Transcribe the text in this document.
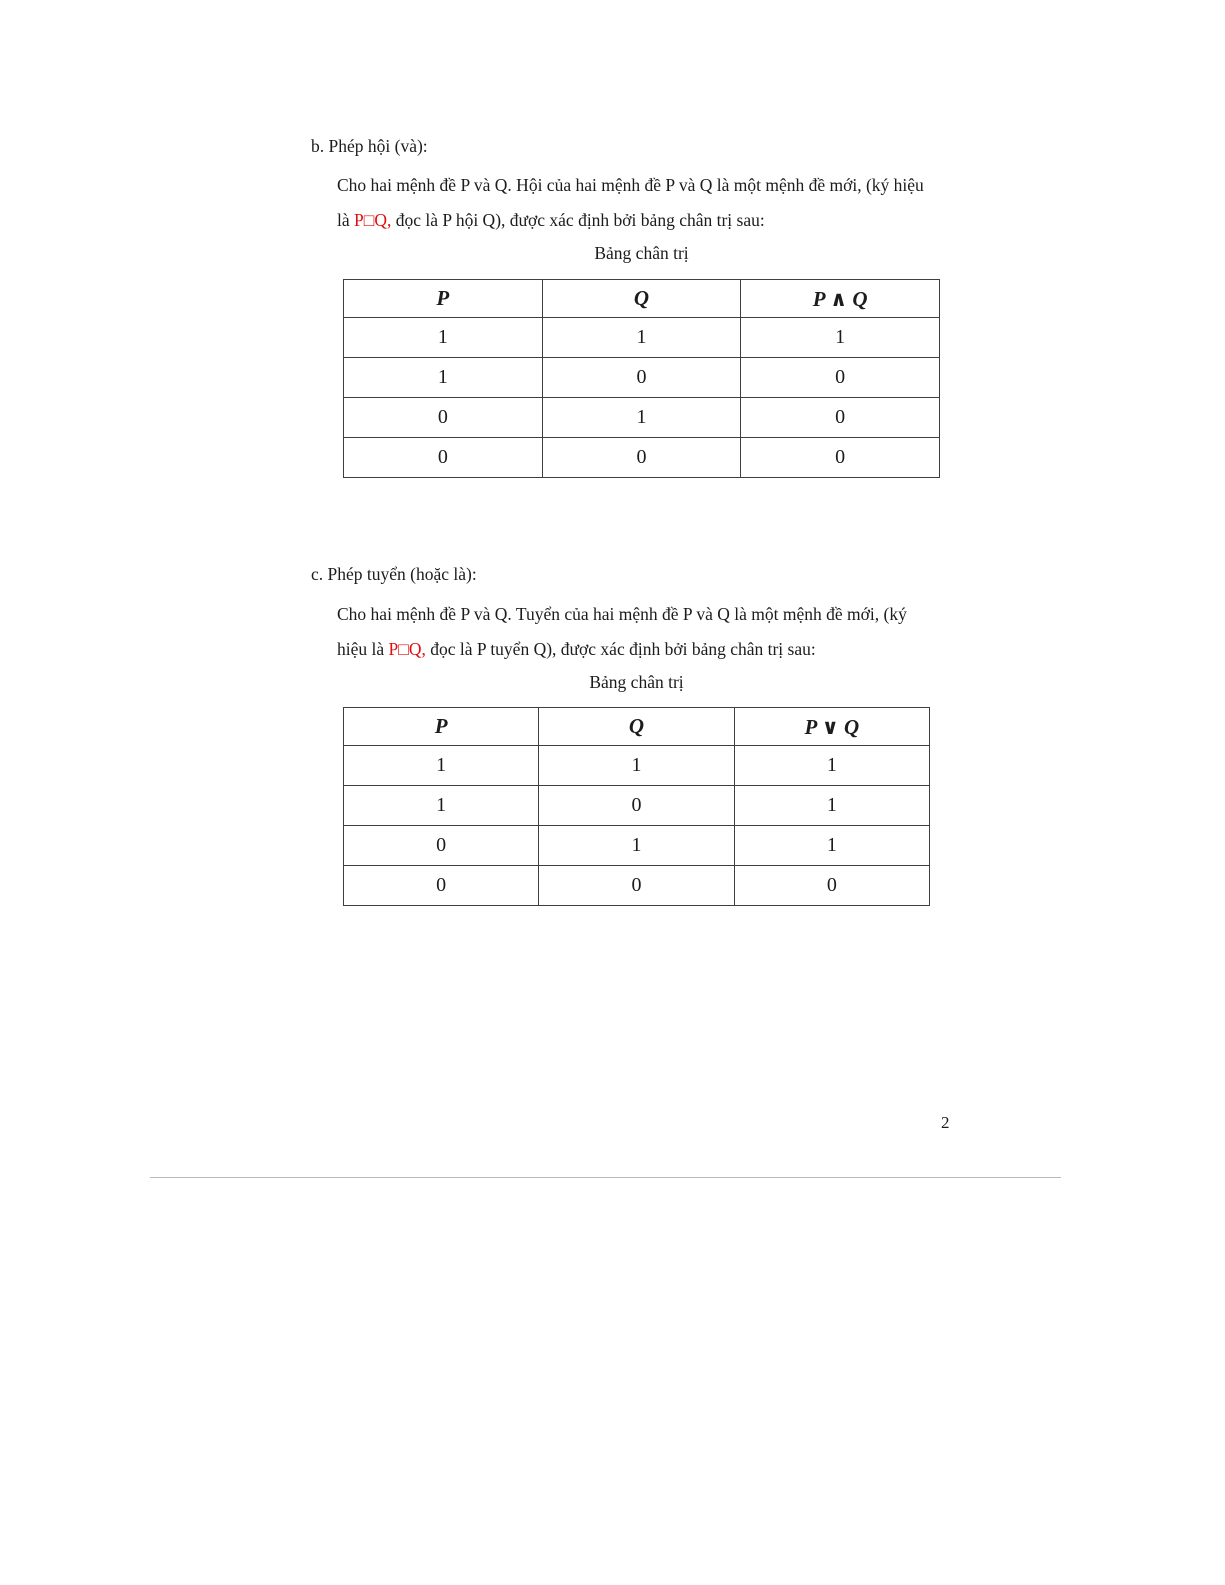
b. Phép hội (và):
Cho hai mệnh đề P và Q. Hội của hai mệnh đề P và Q là một mệnh đề mới, (ký hiệu
là P□Q, đọc là P hội Q), được xác định bởi bảng chân trị sau:
Bảng chân trị
P	Q	P ∧ Q
1	1	1
1	0	0
0	1	0
0	0	0
c. Phép tuyển (hoặc là):
Cho hai mệnh đề P và Q. Tuyển của hai mệnh đề P và Q là một mệnh đề mới, (ký
hiệu là P□Q, đọc là P tuyển Q), được xác định bởi bảng chân trị sau:
Bảng chân trị
P	Q	P ∨ Q
1	1	1
1	0	1
0	1	1
0	0	0
2
